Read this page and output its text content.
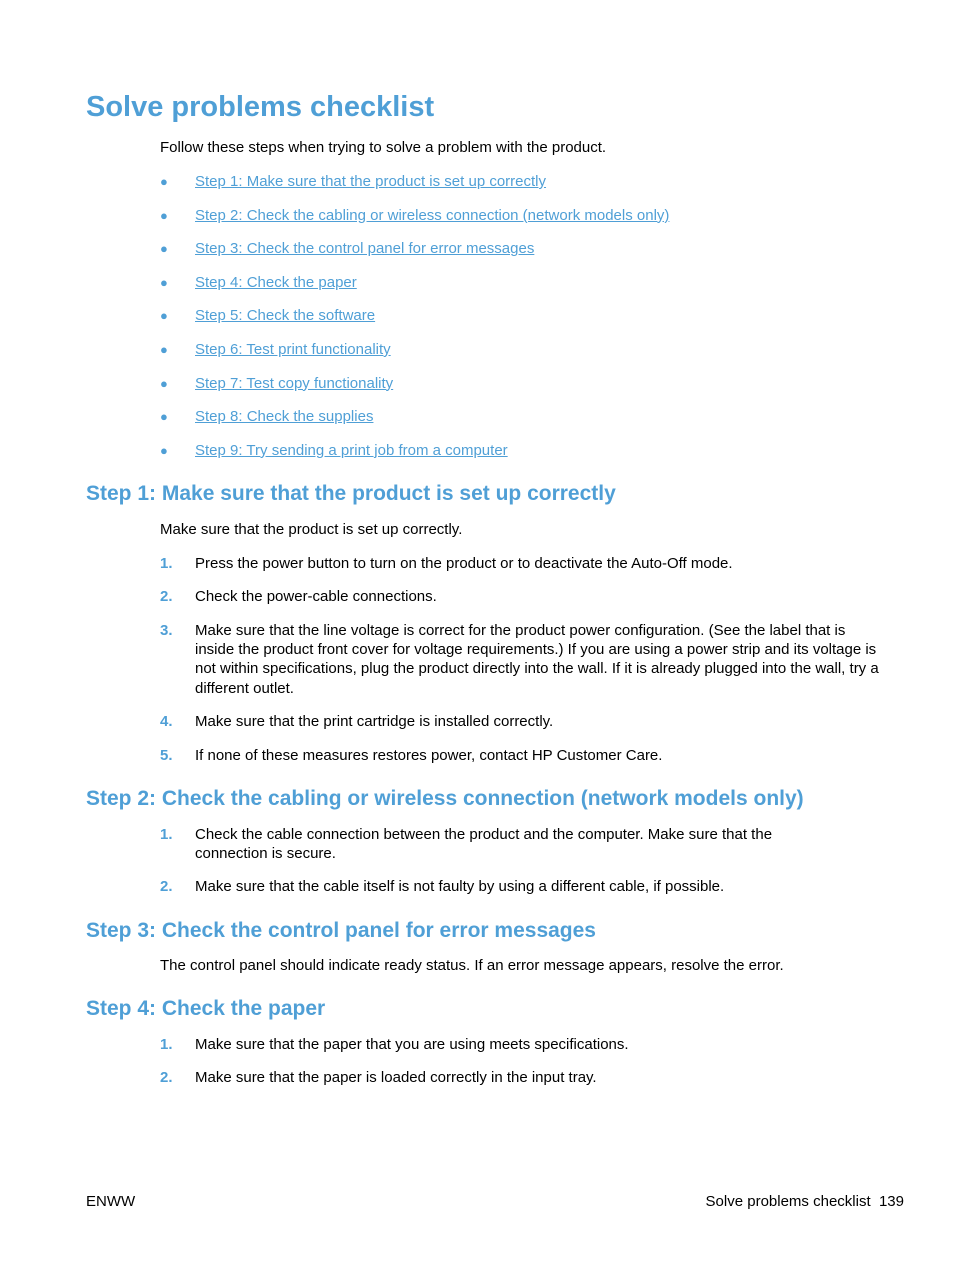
Solve problems checklist
Follow these steps when trying to solve a problem with the product.
● Step 1: Make sure that the product is set up correctly
● Step 2: Check the cabling or wireless connection (network models only)
● Step 3: Check the control panel for error messages
● Step 4: Check the paper
● Step 5: Check the software
● Step 6: Test print functionality
● Step 7: Test copy functionality
● Step 8: Check the supplies
● Step 9: Try sending a print job from a computer
Step 1: Make sure that the product is set up correctly
Make sure that the product is set up correctly.
1. Press the power button to turn on the product or to deactivate the Auto-Off mode.
2. Check the power-cable connections.
3. Make sure that the line voltage is correct for the product power configuration. (See the label that is inside the product front cover for voltage requirements.) If you are using a power strip and its voltage is not within specifications, plug the product directly into the wall. If it is already plugged into the wall, try a different outlet.
4. Make sure that the print cartridge is installed correctly.
5. If none of these measures restores power, contact HP Customer Care.
Step 2: Check the cabling or wireless connection (network models only)
1. Check the cable connection between the product and the computer. Make sure that the connection is secure.
2. Make sure that the cable itself is not faulty by using a different cable, if possible.
Step 3: Check the control panel for error messages
The control panel should indicate ready status. If an error message appears, resolve the error.
Step 4: Check the paper
1. Make sure that the paper that you are using meets specifications.
2. Make sure that the paper is loaded correctly in the input tray.
ENWW	Solve problems checklist 139
